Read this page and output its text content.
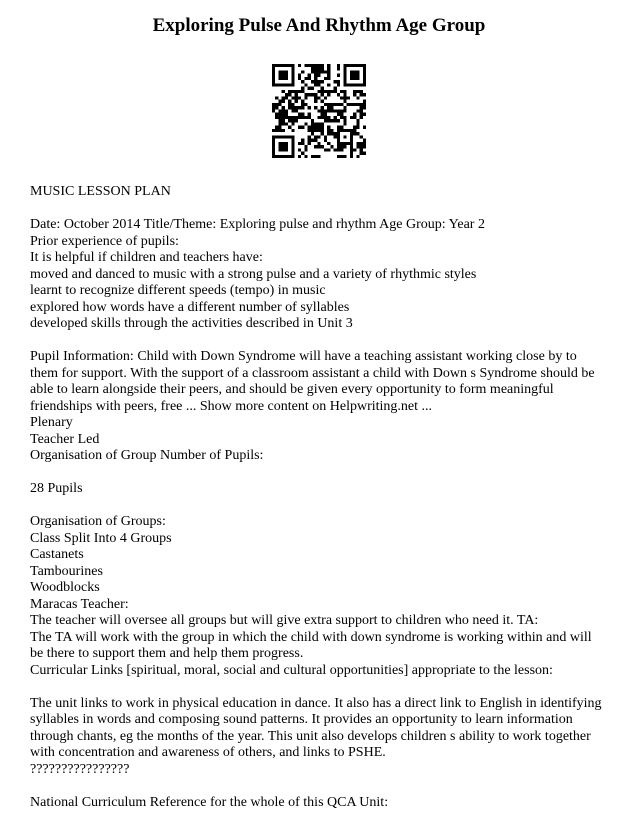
Exploring Pulse And Rhythm Age Group
MUSIC LESSON PLAN
Date: October 2014 Title/Theme: Exploring pulse and rhythm Age Group: Year 2
Prior experience of pupils:
It is helpful if children and teachers have:
moved and danced to music with a strong pulse and a variety of rhythmic styles
learnt to recognize different speeds (tempo) in music
explored how words have a different number of syllables
developed skills through the activities described in Unit 3
Pupil Information: Child with Down Syndrome will have a teaching assistant working close by to
them for support. With the support of a classroom assistant a child with Down s Syndrome should be
able to learn alongside their peers, and should be given every opportunity to form meaningful
friendships with peers, free ... Show more content on Helpwriting.net ...
Plenary
Teacher Led
Organisation of Group Number of Pupils:
28 Pupils
Organisation of Groups:
Class Split Into 4 Groups
Castanets
Tambourines
Woodblocks
Maracas Teacher:
The teacher will oversee all groups but will give extra support to children who need it. TA:
The TA will work with the group in which the child with down syndrome is working within and will
be there to support them and help them progress.
Curricular Links [spiritual, moral, social and cultural opportunities] appropriate to the lesson:
The unit links to work in physical education in dance. It also has a direct link to English in identifying
syllables in words and composing sound patterns. It provides an opportunity to learn information
through chants, eg the months of the year. This unit also develops children s ability to work together
with concentration and awareness of others, and links to PSHE.
????????????????
National Curriculum Reference for the whole of this QCA Unit:
